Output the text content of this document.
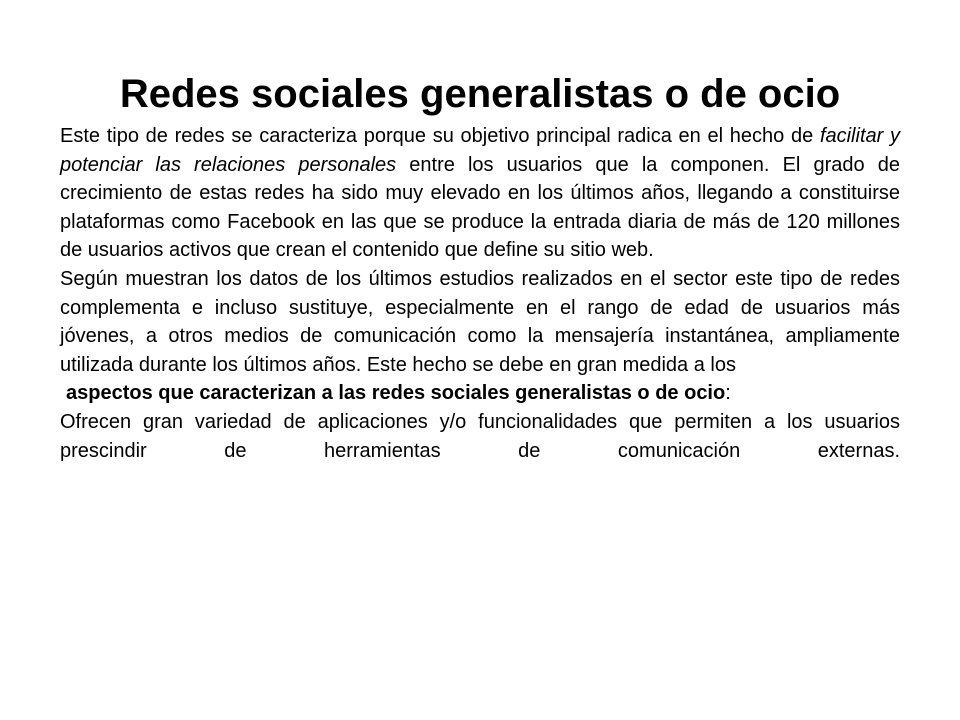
Redes sociales generalistas o de ocio

Este tipo de redes se caracteriza porque su objetivo principal radica en el hecho de facilitar y potenciar las relaciones personales entre los usuarios que la componen. El grado de crecimiento de estas redes ha sido muy elevado en los últimos años, llegando a constituirse plataformas como Facebook en las que se produce la entrada diaria de más de 120 millones de usuarios activos que crean el contenido que define su sitio web.

Según muestran los datos de los últimos estudios realizados en el sector este tipo de redes complementa e incluso sustituye, especialmente en el rango de edad de usuarios más jóvenes, a otros medios de comunicación como la mensajería instantánea, ampliamente utilizada durante los últimos años. Este hecho se debe en gran medida a los

aspectos que caracterizan a las redes sociales generalistas o de ocio:

Ofrecen gran variedad de aplicaciones y/o funcionalidades que permiten a los usuarios prescindir de herramientas de comunicación externas.
